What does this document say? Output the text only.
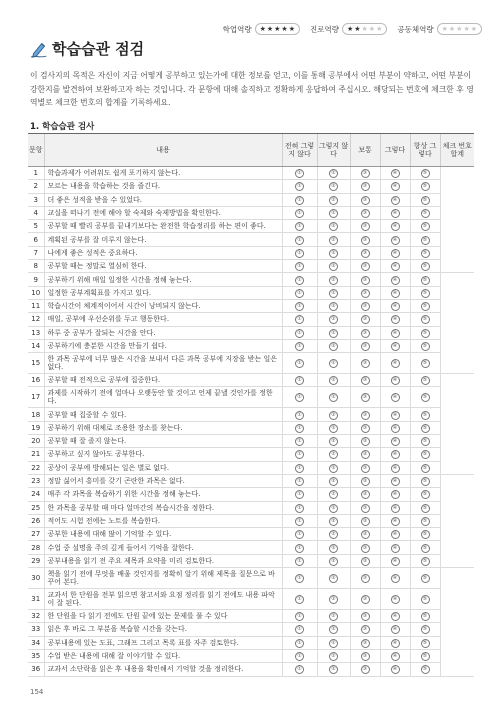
학업역량 ★ ★ ★ ★ ★ 진로역량 ★ ★ ★ ★ ★ 공동체역량 ★ ★ ★ ★ ★
학습습관 점검
이 검사지의 목적은 자신이 지금 어떻게 공부하고 있는가에 대한 정보를 얻고, 이를 통해 공부에서 어떤 부분이 약하고, 어떤 부분이 강한지를 발견하여 보완하고자 하는 것입니다. 각 문항에 대해 솔직하고 정확하게 응답하여 주십시오. 해당되는 번호에 체크한 후 영역별로 체크한 번호의 합계를 기록하세요.
1. 학습습관 검사
문항	내용	전혀 그렇지 않다	그렇지 않다	보통	그렇다	항상 그렇다	체크 번호 합계
1	학습과제가 어려워도 쉽게 포기하지 않는다.	①	②	③	④	⑤	
2	모르는 내용을 학습하는 것을 즐긴다.	①	②	③	④	⑤	
3	더 좋은 성적을 받을 수 있었다.	①	②	③	④	⑤	
4	교실을 떠나기 전에 해야 할 숙제와 숙제방법을 확인한다.	①	②	③	④	⑤	
5	공부할 때 빨리 공부를 끝내기보다는 완전한 학습정리를 하는 편이 좋다.	①	②	③	④	⑤	
6	계획된 공부를 잘 미루지 않는다.	①	②	③	④	⑤	
7	나에게 좋은 성적은 중요하다.	①	②	③	④	⑤	
8	공부할 때는 정말로 열심히 한다.	①	②	③	④	⑤	
9	공부하기 위해 매일 일정한 시간을 정해 놓는다.	①	②	③	④	⑤	
10	일정한 공부계획표를 가지고 있다.	①	②	③	④	⑤	
11	학습시간이 체계적이어서 시간이 낭비되지 않는다.	①	②	③	④	⑤	
12	매일, 공부에 우선순위를 두고 행동한다.	①	②	③	④	⑤	
13	하루 중 공부가 잘되는 시간을 안다.	①	②	③	④	⑤	
14	공부하기에 충분한 시간을 만들기 쉽다.	①	②	③	④	⑤	
15	한 과목 공부에 너무 많은 시간을 보내서 다른 과목 공부에 지장을 받는 일은 없다.	①	②	③	④	⑤	
16	공부할 때 전적으로 공부에 집중한다.	①	②	③	④	⑤	
17	과제를 시작하기 전에 얼마나 오랫동안 할 것이고 언제 끝낼 것인가를 정한다.	①	②	③	④	⑤	
18	공부할 때 집중할 수 있다.	①	②	③	④	⑤	
19	공부하기 위해 대체로 조용한 장소를 찾는다.	①	②	③	④	⑤	
20	공부할 때 잘 졸지 않는다.	①	②	③	④	⑤	
21	공부하고 싶지 않아도 공부한다.	①	②	③	④	⑤	
22	공상이 공부에 방해되는 일은 별로 없다.	①	②	③	④	⑤	
23	정말 싫어서 흥미를 갖기 곤란한 과목은 없다.	①	②	③	④	⑤	
24	매주 각 과목을 복습하기 위한 시간을 정해 놓는다.	①	②	③	④	⑤	
25	한 과목을 공부할 때 마다 얼마간의 복습시간을 정한다.	①	②	③	④	⑤	
26	적어도 시험 전에는 노트를 복습한다.	①	②	③	④	⑤	
27	공부한 내용에 대해 많이 기억할 수 있다.	①	②	③	④	⑤	
28	수업 중 설명을 주의 깊게 들어서 기억을 잘한다.	①	②	③	④	⑤	
29	공부내용을 읽기 전 주요 제목과 요약을 미리 검토한다.	①	②	③	④	⑤	
30	책을 읽기 전에 무엇을 배울 것인지를 정확히 알기 위해 제목을 질문으로 바꾸어 본다.	①	②	③	④	⑤	
31	교과서 한 단원을 전부 읽으면 참고서와 요점 정리를 읽기 전에도 내용 파악이 잘 된다.	①	②	③	④	⑤	
32	한 단원을 다 읽기 전에도 단원 끝에 있는 문제를 풀 수 있다	①	②	③	④	⑤	
33	읽은 후 바로 그 부분을 복습할 시간을 갖는다.	①	②	③	④	⑤	
34	공부내용에 있는 도표, 그래프 그리고 목록 표를 자주 검토한다.	①	②	③	④	⑤	
35	수업 받은 내용에 대해 잘 이야기할 수 있다.	①	②	③	④	⑤	
36	교과서 소단락을 읽은 후 내용을 확인해서 기억할 것을 정리한다.	①	②	③	④	⑤	
154
